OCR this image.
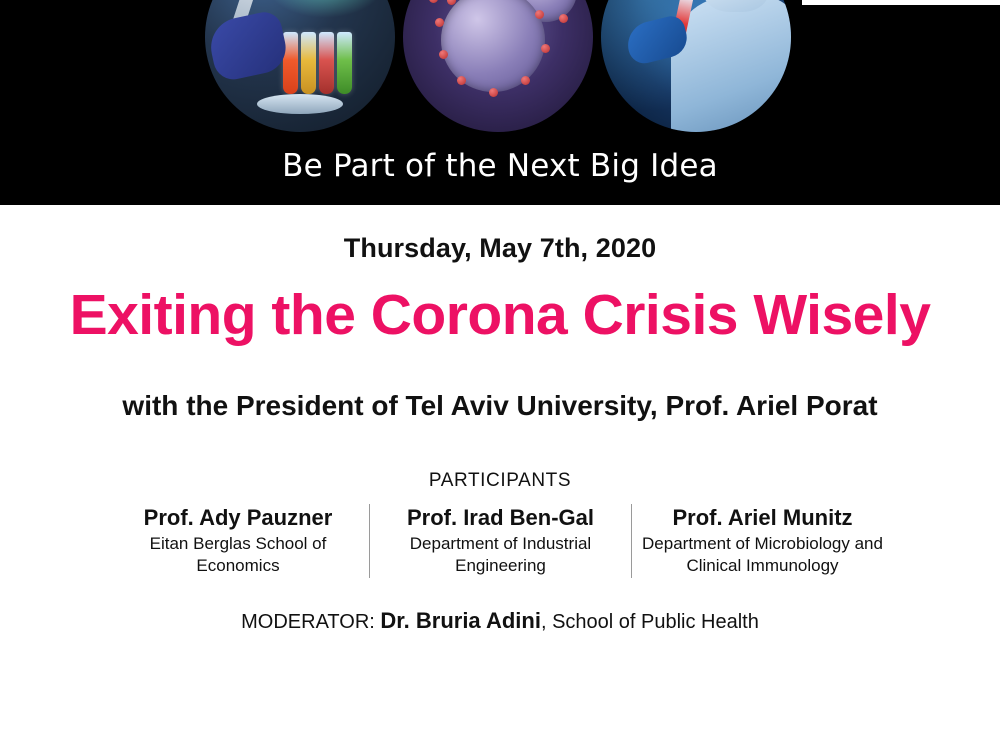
Be Part of the Next Big Idea
Thursday, May 7th, 2020
Exiting the Corona Crisis Wisely
with the President of Tel Aviv University, Prof. Ariel Porat
PARTICIPANTS
Prof. Ady Pauzner
Eitan Berglas School of Economics
Prof. Irad Ben-Gal
Department of Industrial Engineering
Prof. Ariel Munitz
Department of Microbiology and Clinical Immunology
MODERATOR: Dr. Bruria Adini, School of Public Health
